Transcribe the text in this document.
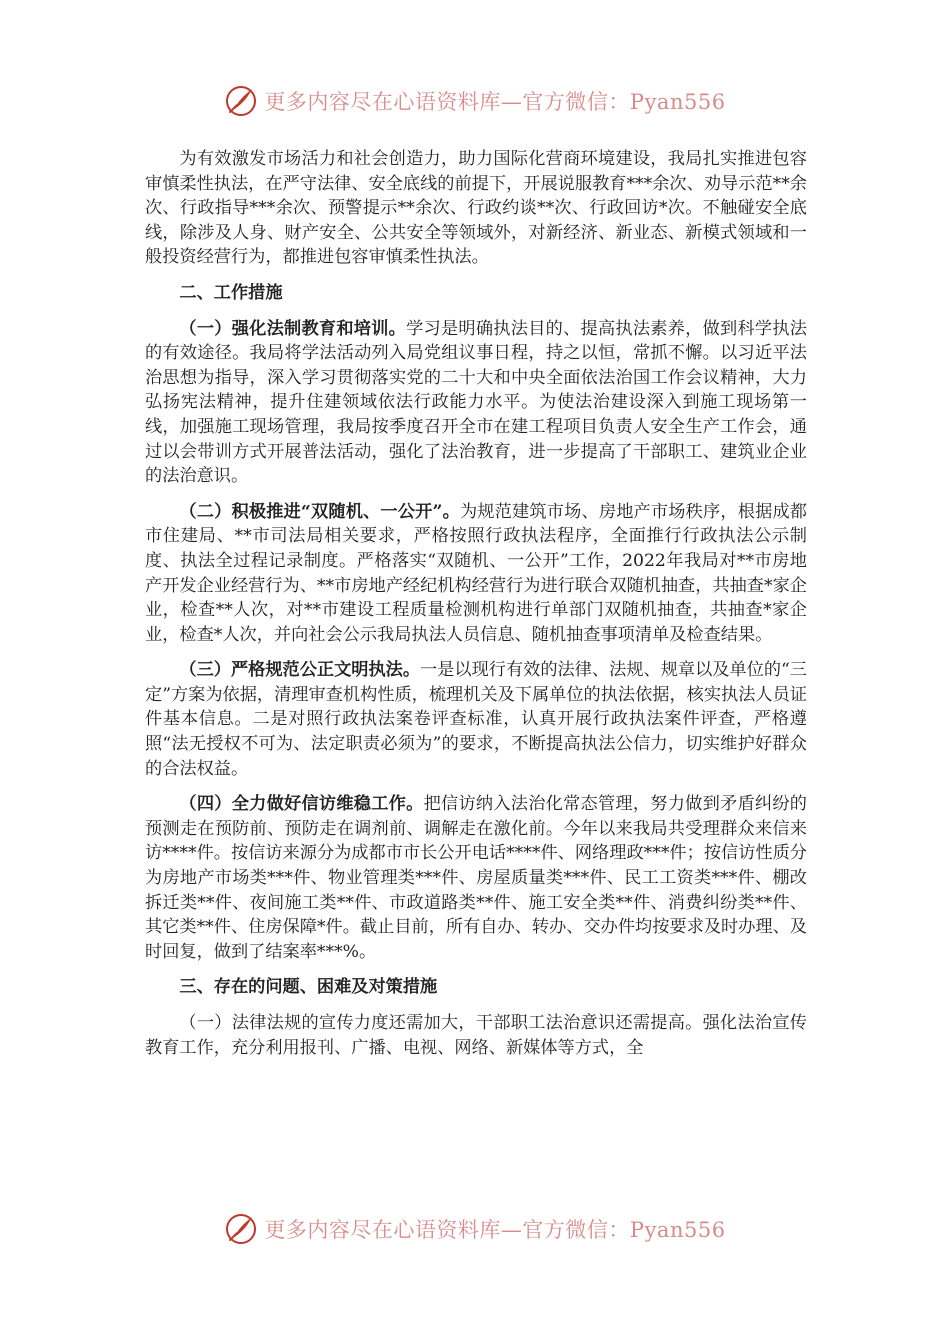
更多内容尽在心语资料库—官方微信：Pyan556

为有效激发市场活力和社会创造力，助力国际化营商环境建设，我局扎实推进包容审慎柔性执法，在严守法律、安全底线的前提下，开展说服教育***余次、劝导示范**余次、行政指导***余次、预警提示**余次、行政约谈**次、行政回访*次。不触碰安全底线，除涉及人身、财产安全、公共安全等领域外，对新经济、新业态、新模式领域和一般投资经营行为，都推进包容审慎柔性执法。

二、工作措施

（一）强化法制教育和培训。学习是明确执法目的、提高执法素养，做到科学执法的有效途径。我局将学法活动列入局党组议事日程，持之以恒，常抓不懈。以习近平法治思想为指导，深入学习贯彻落实党的二十大和中央全面依法治国工作会议精神，大力弘扬宪法精神，提升住建领域依法行政能力水平。为使法治建设深入到施工现场第一线，加强施工现场管理，我局按季度召开全市在建工程项目负责人安全生产工作会，通过以会带训方式开展普法活动，强化了法治教育，进一步提高了干部职工、建筑业企业的法治意识。

（二）积极推进“双随机、一公开”。为规范建筑市场、房地产市场秩序，根据成都市住建局、**市司法局相关要求，严格按照行政执法程序，全面推行行政执法公示制度、执法全过程记录制度。严格落实“双随机、一公开”工作，2022年我局对**市房地产开发企业经营行为、**市房地产经纪机构经营行为进行联合双随机抽查，共抽查*家企业，检查**人次，对**市建设工程质量检测机构进行单部门双随机抽查，共抽查*家企业，检查*人次，并向社会公示我局执法人员信息、随机抽查事项清单及检查结果。

（三）严格规范公正文明执法。一是以现行有效的法律、法规、规章以及单位的“三定”方案为依据，清理审查机构性质，梳理机关及下属单位的执法依据，核实执法人员证件基本信息。二是对照行政执法案卷评查标准，认真开展行政执法案件评查，严格遵照“法无授权不可为、法定职责必须为”的要求，不断提高执法公信力，切实维护好群众的合法权益。

（四）全力做好信访维稳工作。把信访纳入法治化常态管理，努力做到矛盾纠纷的预测走在预防前、预防走在调剂前、调解走在激化前。今年以来我局共受理群众来信来访****件。按信访来源分为成都市市长公开电话****件、网络理政***件；按信访性质分为房地产市场类***件、物业管理类***件、房屋质量类***件、民工工资类***件、棚改拆迁类**件、夜间施工类**件、市政道路类**件、施工安全类**件、消费纠纷类**件、其它类**件、住房保障*件。截止目前，所有自办、转办、交办件均按要求及时办理、及时回复，做到了结案率***%。

三、存在的问题、困难及对策措施

（一）法律法规的宣传力度还需加大，干部职工法治意识还需提高。强化法治宣传教育工作，充分利用报刊、广播、电视、网络、新媒体等方式，全

更多内容尽在心语资料库—官方微信：Pyan556
